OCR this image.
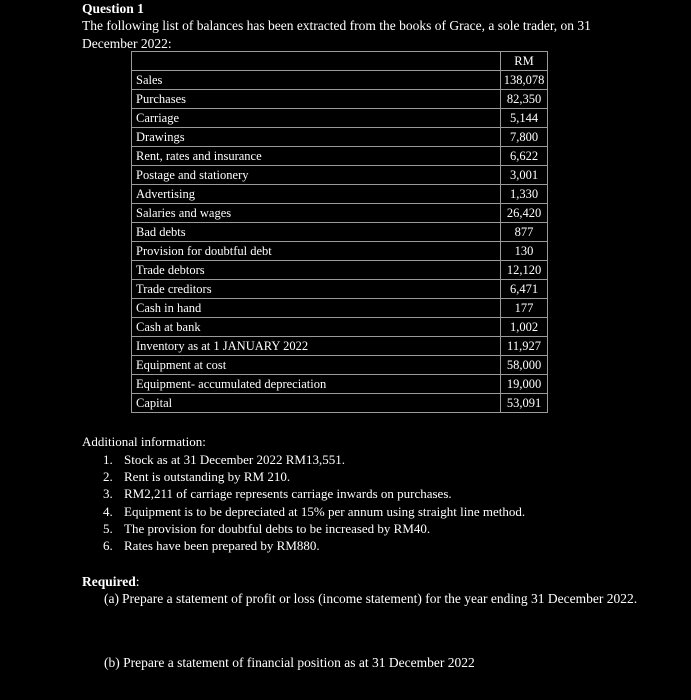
Question 1
The following list of balances has been extracted from the books of Grace, a sole trader, on 31 December 2022:
	RM
Sales	138,078
Purchases	82,350
Carriage	5,144
Drawings	7,800
Rent, rates and insurance	6,622
Postage and stationery	3,001
Advertising	1,330
Salaries and wages	26,420
Bad debts	877
Provision for doubtful debt	130
Trade debtors	12,120
Trade creditors	6,471
Cash in hand	177
Cash at bank	1,002
Inventory as at 1 JANUARY 2022	11,927
Equipment at cost	58,000
Equipment- accumulated depreciation	19,000
Capital	53,091
Additional information:
1. Stock as at 31 December 2022 RM13,551.
2. Rent is outstanding by RM 210.
3. RM2,211 of carriage represents carriage inwards on purchases.
4. Equipment is to be depreciated at 15% per annum using straight line method.
5. The provision for doubtful debts to be increased by RM40.
6. Rates have been prepared by RM880.
Required:
(a) Prepare a statement of profit or loss (income statement) for the year ending 31 December 2022.
(b) Prepare a statement of financial position as at 31 December 2022
